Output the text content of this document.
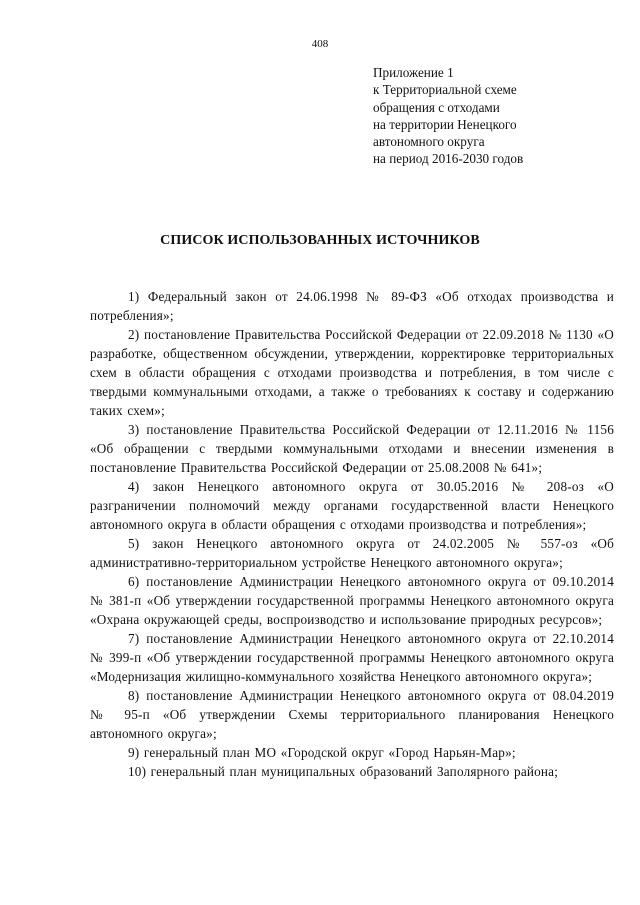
408
Приложение 1
к Территориальной схеме
обращения с отходами
на территории Ненецкого
автономного округа
на период 2016-2030 годов
СПИСОК ИСПОЛЬЗОВАННЫХ ИСТОЧНИКОВ

1) Федеральный закон от 24.06.1998 № 89-ФЗ «Об отходах производства и потребления»;

2) постановление Правительства Российской Федерации от 22.09.2018 № 1130 «О разработке, общественном обсуждении, утверждении, корректировке территориальных схем в области обращения с отходами производства и потребления, в том числе с твердыми коммунальными отходами, а также о требованиях к составу и содержанию таких схем»;

3) постановление Правительства Российской Федерации от 12.11.2016 № 1156 «Об обращении с твердыми коммунальными отходами и внесении изменения в постановление Правительства Российской Федерации от 25.08.2008 № 641»;

4) закон Ненецкого автономного округа от 30.05.2016 № 208-оз «О разграничении полномочий между органами государственной власти Ненецкого автономного округа в области обращения с отходами производства и потребления»;

5) закон Ненецкого автономного округа от 24.02.2005 № 557-оз «Об административно-территориальном устройстве Ненецкого автономного округа»;

6) постановление Администрации Ненецкого автономного округа от 09.10.2014 № 381-п «Об утверждении государственной программы Ненецкого автономного округа «Охрана окружающей среды, воспроизводство и использование природных ресурсов»;

7) постановление Администрации Ненецкого автономного округа от 22.10.2014 № 399-п «Об утверждении государственной программы Ненецкого автономного округа «Модернизация жилищно-коммунального хозяйства Ненецкого автономного округа»;

8) постановление Администрации Ненецкого автономного округа от 08.04.2019 № 95-п «Об утверждении Схемы территориального планирования Ненецкого автономного округа»;

9) генеральный план МО «Городской округ «Город Нарьян-Мар»;

10) генеральный план муниципальных образований Заполярного района;
